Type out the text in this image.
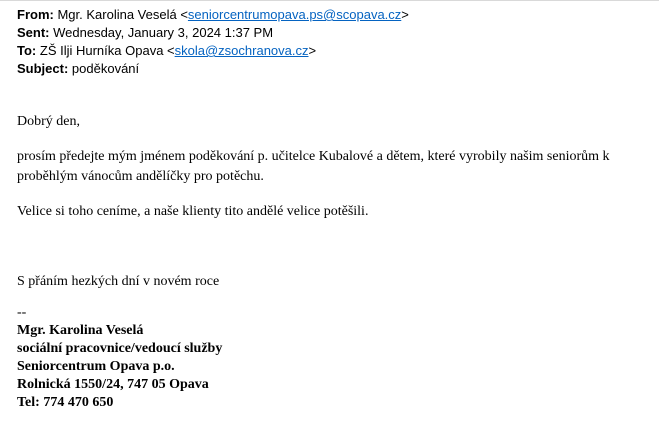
From: Mgr. Karolina Veselá <seniorcentrumopava.ps@scopava.cz>
Sent: Wednesday, January 3, 2024 1:37 PM
To: ZŠ Ilji Hurníka Opava <skola@zsochranova.cz>
Subject: poděkování

Dobrý den,

prosím předejte mým jménem poděkování p. učitelce Kubalové a dětem, které vyrobily našim seniorům k proběhlým vánocům andělíčky pro potěchu.

Velice si toho ceníme, a naše klienty tito andělé velice potěšili.

S přáním hezkých dní v novém roce

--
Mgr. Karolina Veselá
sociální pracovnice/vedoucí služby
Seniorcentrum Opava p.o.
Rolnická 1550/24, 747 05 Opava
Tel: 774 470 650
